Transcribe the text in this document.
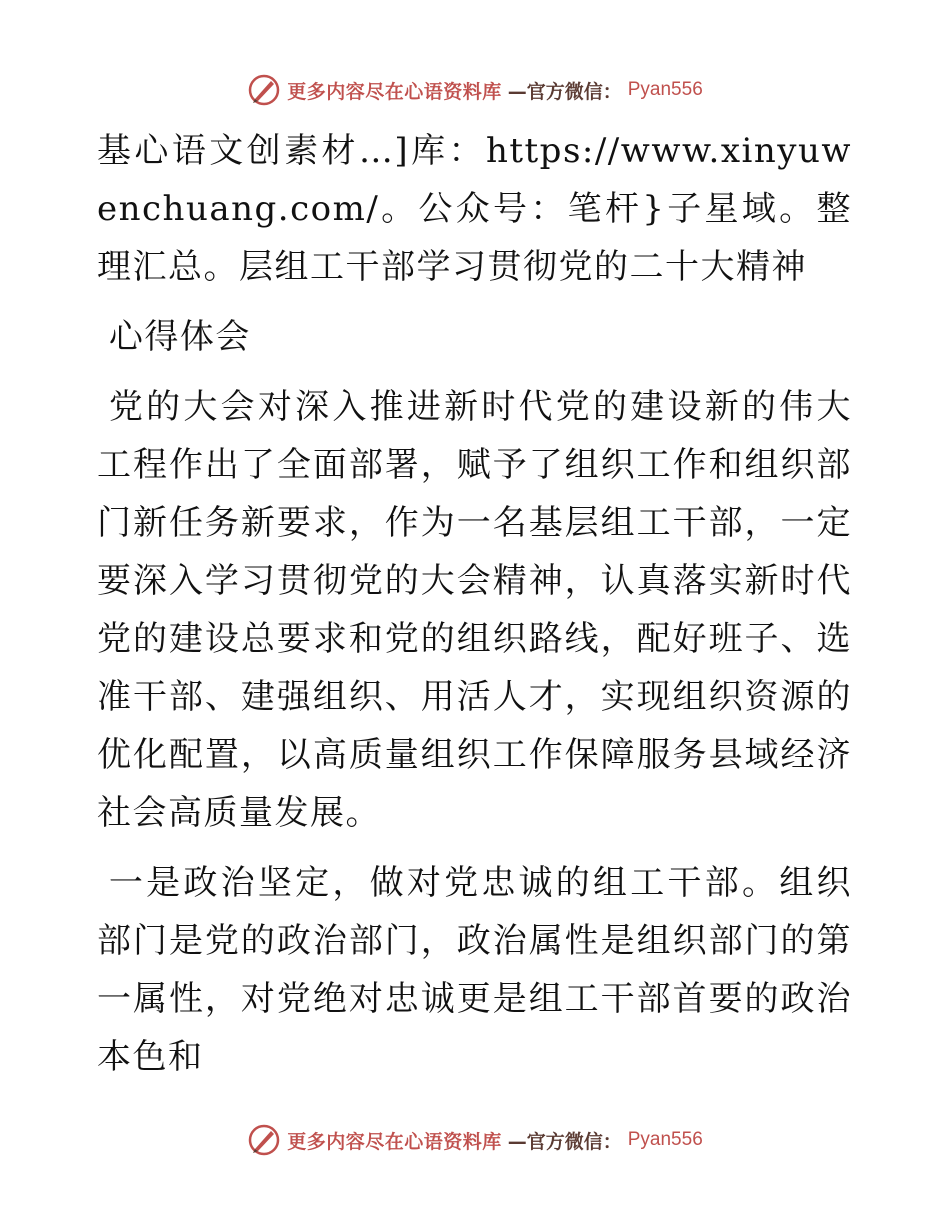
更多内容尽在心语资料库 —官方微信： Pyan556

基心语文创素材…]库：https://www.xinyuwenchuang.com/。公众号：笔杆}子星域。整理汇总。层组工干部学习贯彻党的二十大精神

心得体会

党的大会对深入推进新时代党的建设新的伟大工程作出了全面部署，赋予了组织工作和组织部门新任务新要求，作为一名基层组工干部，一定要深入学习贯彻党的大会精神，认真落实新时代党的建设总要求和党的组织路线，配好班子、选准干部、建强组织、用活人才，实现组织资源的优化配置，以高质量组织工作保障服务县域经济社会高质量发展。

一是政治坚定，做对党忠诚的组工干部。组织部门是党的政治部门，政治属性是组织部门的第一属性，对党绝对忠诚更是组工干部首要的政治本色和

更多内容尽在心语资料库 —官方微信： Pyan556
